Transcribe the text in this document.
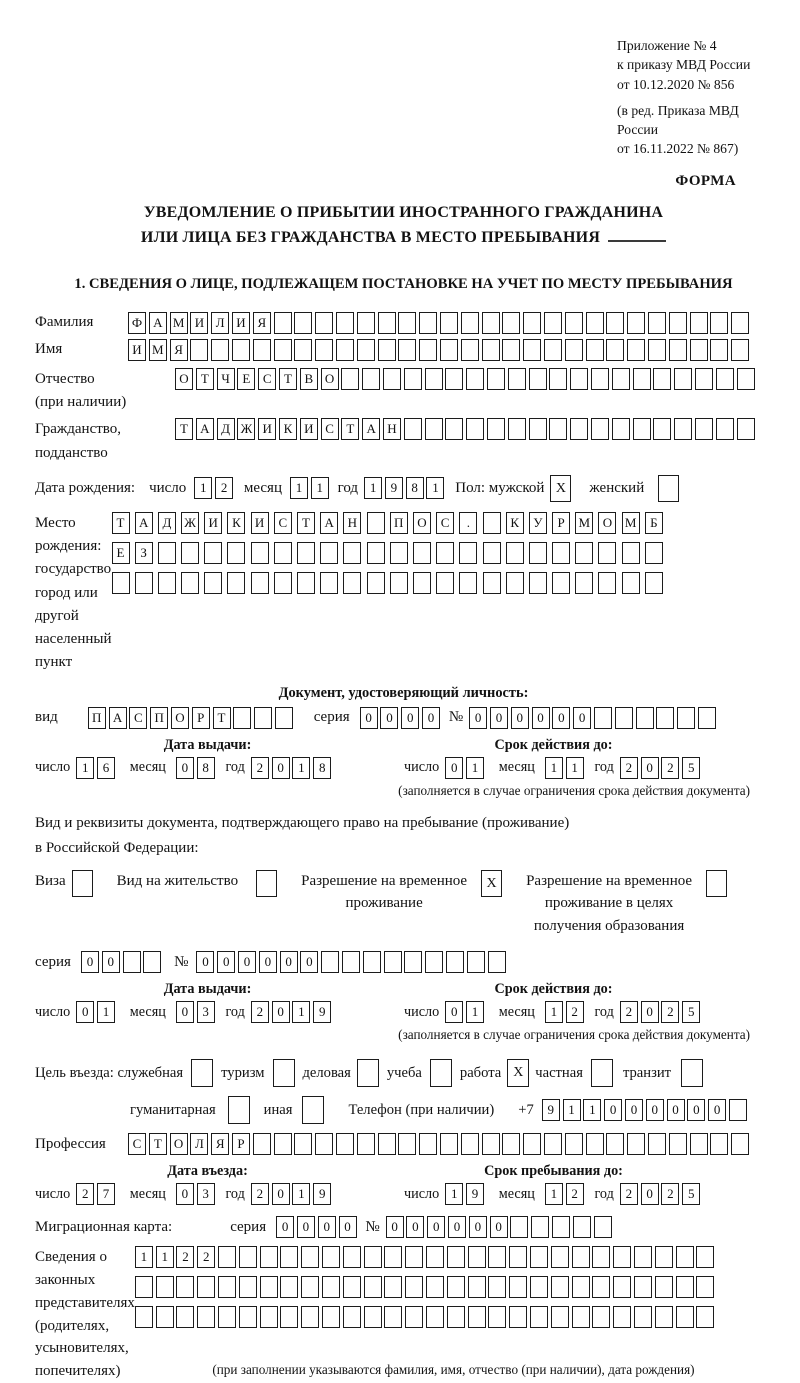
Приложение № 4
к приказу МВД России
от 10.12.2020 № 856
(в ред. Приказа МВД России
от 16.11.2022 № 867)
ФОРМА
УВЕДОМЛЕНИЕ О ПРИБЫТИИ ИНОСТРАННОГО ГРАЖДАНИНА
ИЛИ ЛИЦА БЕЗ ГРАЖДАНСТВА В МЕСТО ПРЕБЫВАНИЯ
1. СВЕДЕНИЯ О ЛИЦЕ, ПОДЛЕЖАЩЕМ ПОСТАНОВКЕ НА УЧЕТ ПО МЕСТУ ПРЕБЫВАНИЯ
Фамилия	Ф А М И Л И Я
Имя	И М Я
Отчество
(при наличии)
О Т Ч Е С Т В О
Гражданство,
подданство
Т А Д Ж И К И С Т А Н
Дата рождения: число	1	2	месяц	1	1 год 1	9	8	1	Пол: мужской X	женский
Место рождения:
государство
город или другой
населенный пункт
Т	А	Д Ж И	К	И	С	Т	А	Н	П	О	С	.	К	У	Р	М О М	Б

Е	З

Документ, удостоверяющий личность:
вид	П А С П О Р	Т	серия	0	0	0	0 № 0	0	0	0	0	0
Дата выдачи:
число 1	6	месяц	0	8	год 2	0	1	8
Срок действия до:
число 0	1	месяц	1	1	год 2	0	2	5
(заполняется в случае ограничения срока действия документа)
Вид и реквизиты документа, подтверждающего право на пребывание (проживание)
в Российской Федерации:
Виза	Вид на жительство	Разрешение на временное
проживание
X	Разрешение на временное
проживание в целях
получения образования
серия	0	0	№	0	0	0	0	0	0
Дата выдачи:
число 0	1	месяц	0	3	год 2	0	1	9
Срок действия до:
число 0	1	месяц	1	2	год 2	0	2	5
(заполняется в случае ограничения срока действия документа)
Цель въезда: служебная	туризм	деловая учеба	работа X частная	транзит
гуманитарная	иная	Телефон (при наличии) +7	9	1	1	0	0	0	0	0	0
Профессия	С Т О Л Я Р
Дата въезда:
число 2	7	месяц	0	3	год 2	0	1	9
Срок пребывания до:
число 1	9	месяц	1	2	год 2	0	2	5
Миграционная карта:	серия	0	0	0	0 № 0	0	0	0	0	0
Сведения о
законных
представителях
(родителях,
усыновителях,
попечителях)
1	1	2	2

(при заполнении указываются фамилия, имя, отчество (при наличии), дата рождения)
